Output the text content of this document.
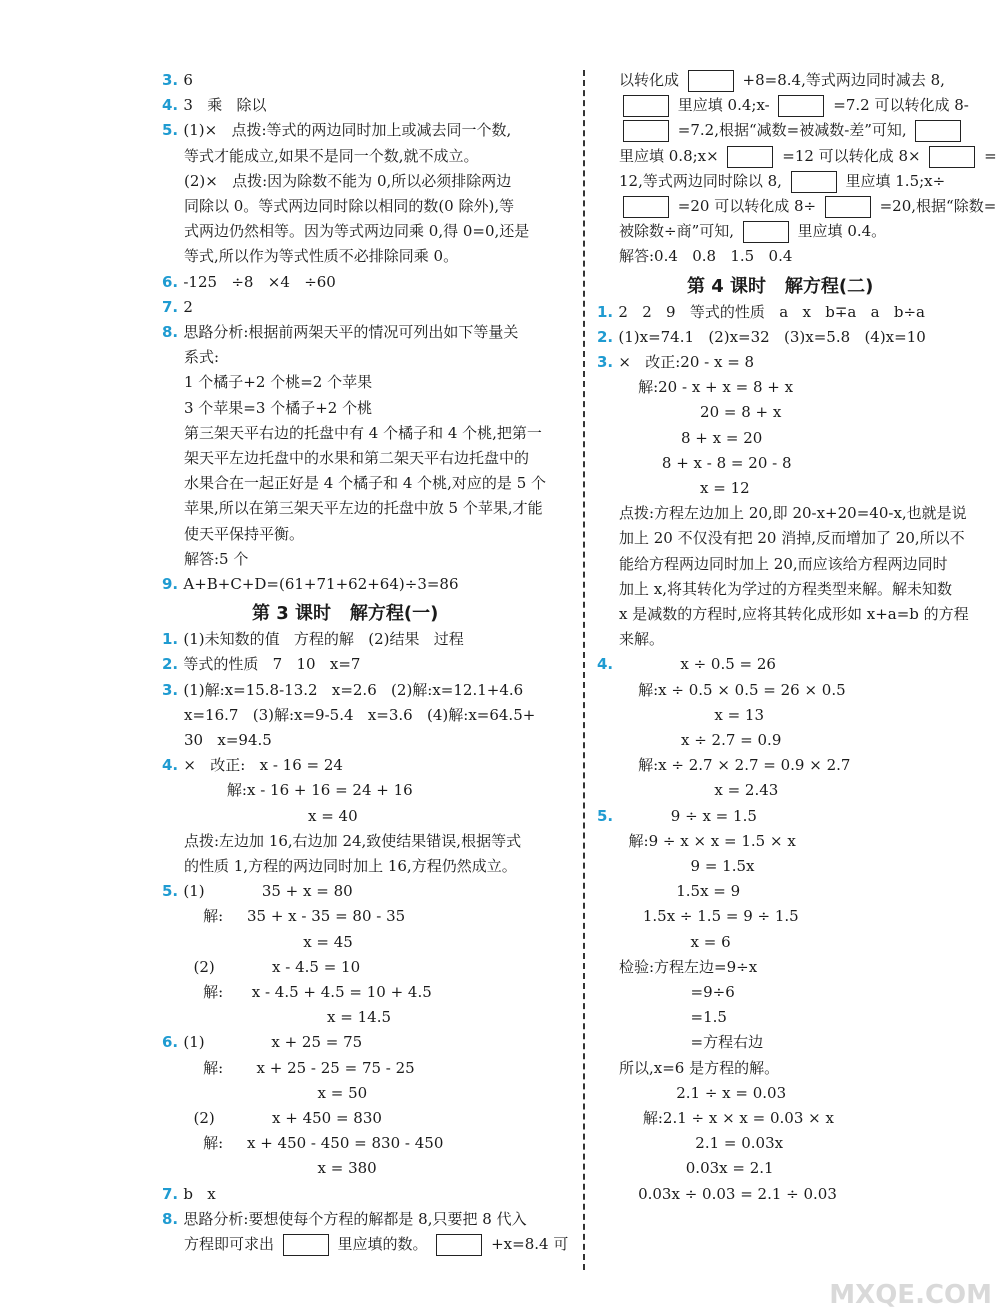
3. 6
4. 3   乘   除以
5. (1)×   点拨:等式的两边同时加上或减去同一个数,
等式才能成立,如果不是同一个数,就不成立。
(2)×   点拨:因为除数不能为 0,所以必须排除两边
同除以 0。等式两边同时除以相同的数(0 除外),等
式两边仍然相等。因为等式两边同乘 0,得 0=0,还是
等式,所以作为等式性质不必排除同乘 0。
6. -125   ÷8   ×4   ÷60
7. 2
8. 思路分析:根据前两架天平的情况可列出如下等量关
系式:
1 个橘子+2 个桃=2 个苹果
3 个苹果=3 个橘子+2 个桃
第三架天平右边的托盘中有 4 个橘子和 4 个桃,把第一
架天平左边托盘中的水果和第二架天平右边托盘中的
水果合在一起正好是 4 个橘子和 4 个桃,对应的是 5 个
苹果,所以在第三架天平左边的托盘中放 5 个苹果,才能
使天平保持平衡。
解答:5 个
9. A+B+C+D=(61+71+62+64)÷3=86
第 3 课时   解方程(一)
1. (1)未知数的值   方程的解   (2)结果   过程
2. 等式的性质   7   10   x=7
3. (1)解:x=15.8-13.2   x=2.6   (2)解:x=12.1+4.6
x=16.7   (3)解:x=9-5.4   x=3.6   (4)解:x=64.5+
30   x=94.5
4. ×   改正:   x - 16 = 24
解:x - 16 + 16 = 24 + 16
x = 40
点拨:左边加 16,右边加 24,致使结果错误,根据等式
的性质 1,方程的两边同时加上 16,方程仍然成立。
5. (1)            35 + x = 80
解:     35 + x - 35 = 80 - 35
x = 45
(2)            x - 4.5 = 10
解:      x - 4.5 + 4.5 = 10 + 4.5
x = 14.5
6. (1)              x + 25 = 75
解:       x + 25 - 25 = 75 - 25
x = 50
(2)            x + 450 = 830
解:     x + 450 - 450 = 830 - 450
x = 380
7. b   x
8. 思路分析:要想使每个方程的解都是 8,只要把 8 代入
方程即可求出	里应填的数。	+x=8.4 可
以转化成	+8=8.4,等式两边同时减去 8,
里应填 0.4;x-	=7.2 可以转化成 8-
=7.2,根据“减数=被减数-差”可知,
里应填 0.8;x×	=12 可以转化成 8×	=
12,等式两边同时除以 8,	里应填 1.5;x÷
=20 可以转化成 8÷	=20,根据“除数=
被除数÷商”可知,	里应填 0.4。
解答:0.4   0.8   1.5   0.4
第 4 课时   解方程(二)
1. 2   2   9   等式的性质   a   x   b∓a   a   b÷a
2. (1)x=74.1   (2)x=32   (3)x=5.8   (4)x=10
3. ×   改正:20 - x = 8
解:20 - x + x = 8 + x
20 = 8 + x
8 + x = 20
8 + x - 8 = 20 - 8
x = 12
点拨:方程左边加上 20,即 20-x+20=40-x,也就是说
加上 20 不仅没有把 20 消掉,反而增加了 20,所以不
能给方程两边同时加上 20,而应该给方程两边同时
加上 x,将其转化为学过的方程类型来解。解未知数
x 是减数的方程时,应将其转化成形如 x+a=b 的方程
来解。
4.              x ÷ 0.5 = 26
解:x ÷ 0.5 × 0.5 = 26 × 0.5
x = 13
x ÷ 2.7 = 0.9
解:x ÷ 2.7 × 2.7 = 0.9 × 2.7
x = 2.43
5.            9 ÷ x = 1.5
解:9 ÷ x × x = 1.5 × x
9 = 1.5x
1.5x = 9
1.5x ÷ 1.5 = 9 ÷ 1.5
x = 6
检验:方程左边=9÷x
=9÷6
=1.5
=方程右边
所以,x=6 是方程的解。
2.1 ÷ x = 0.03
解:2.1 ÷ x × x = 0.03 × x
2.1 = 0.03x
0.03x = 2.1
0.03x ÷ 0.03 = 2.1 ÷ 0.03
MXQE.COM
